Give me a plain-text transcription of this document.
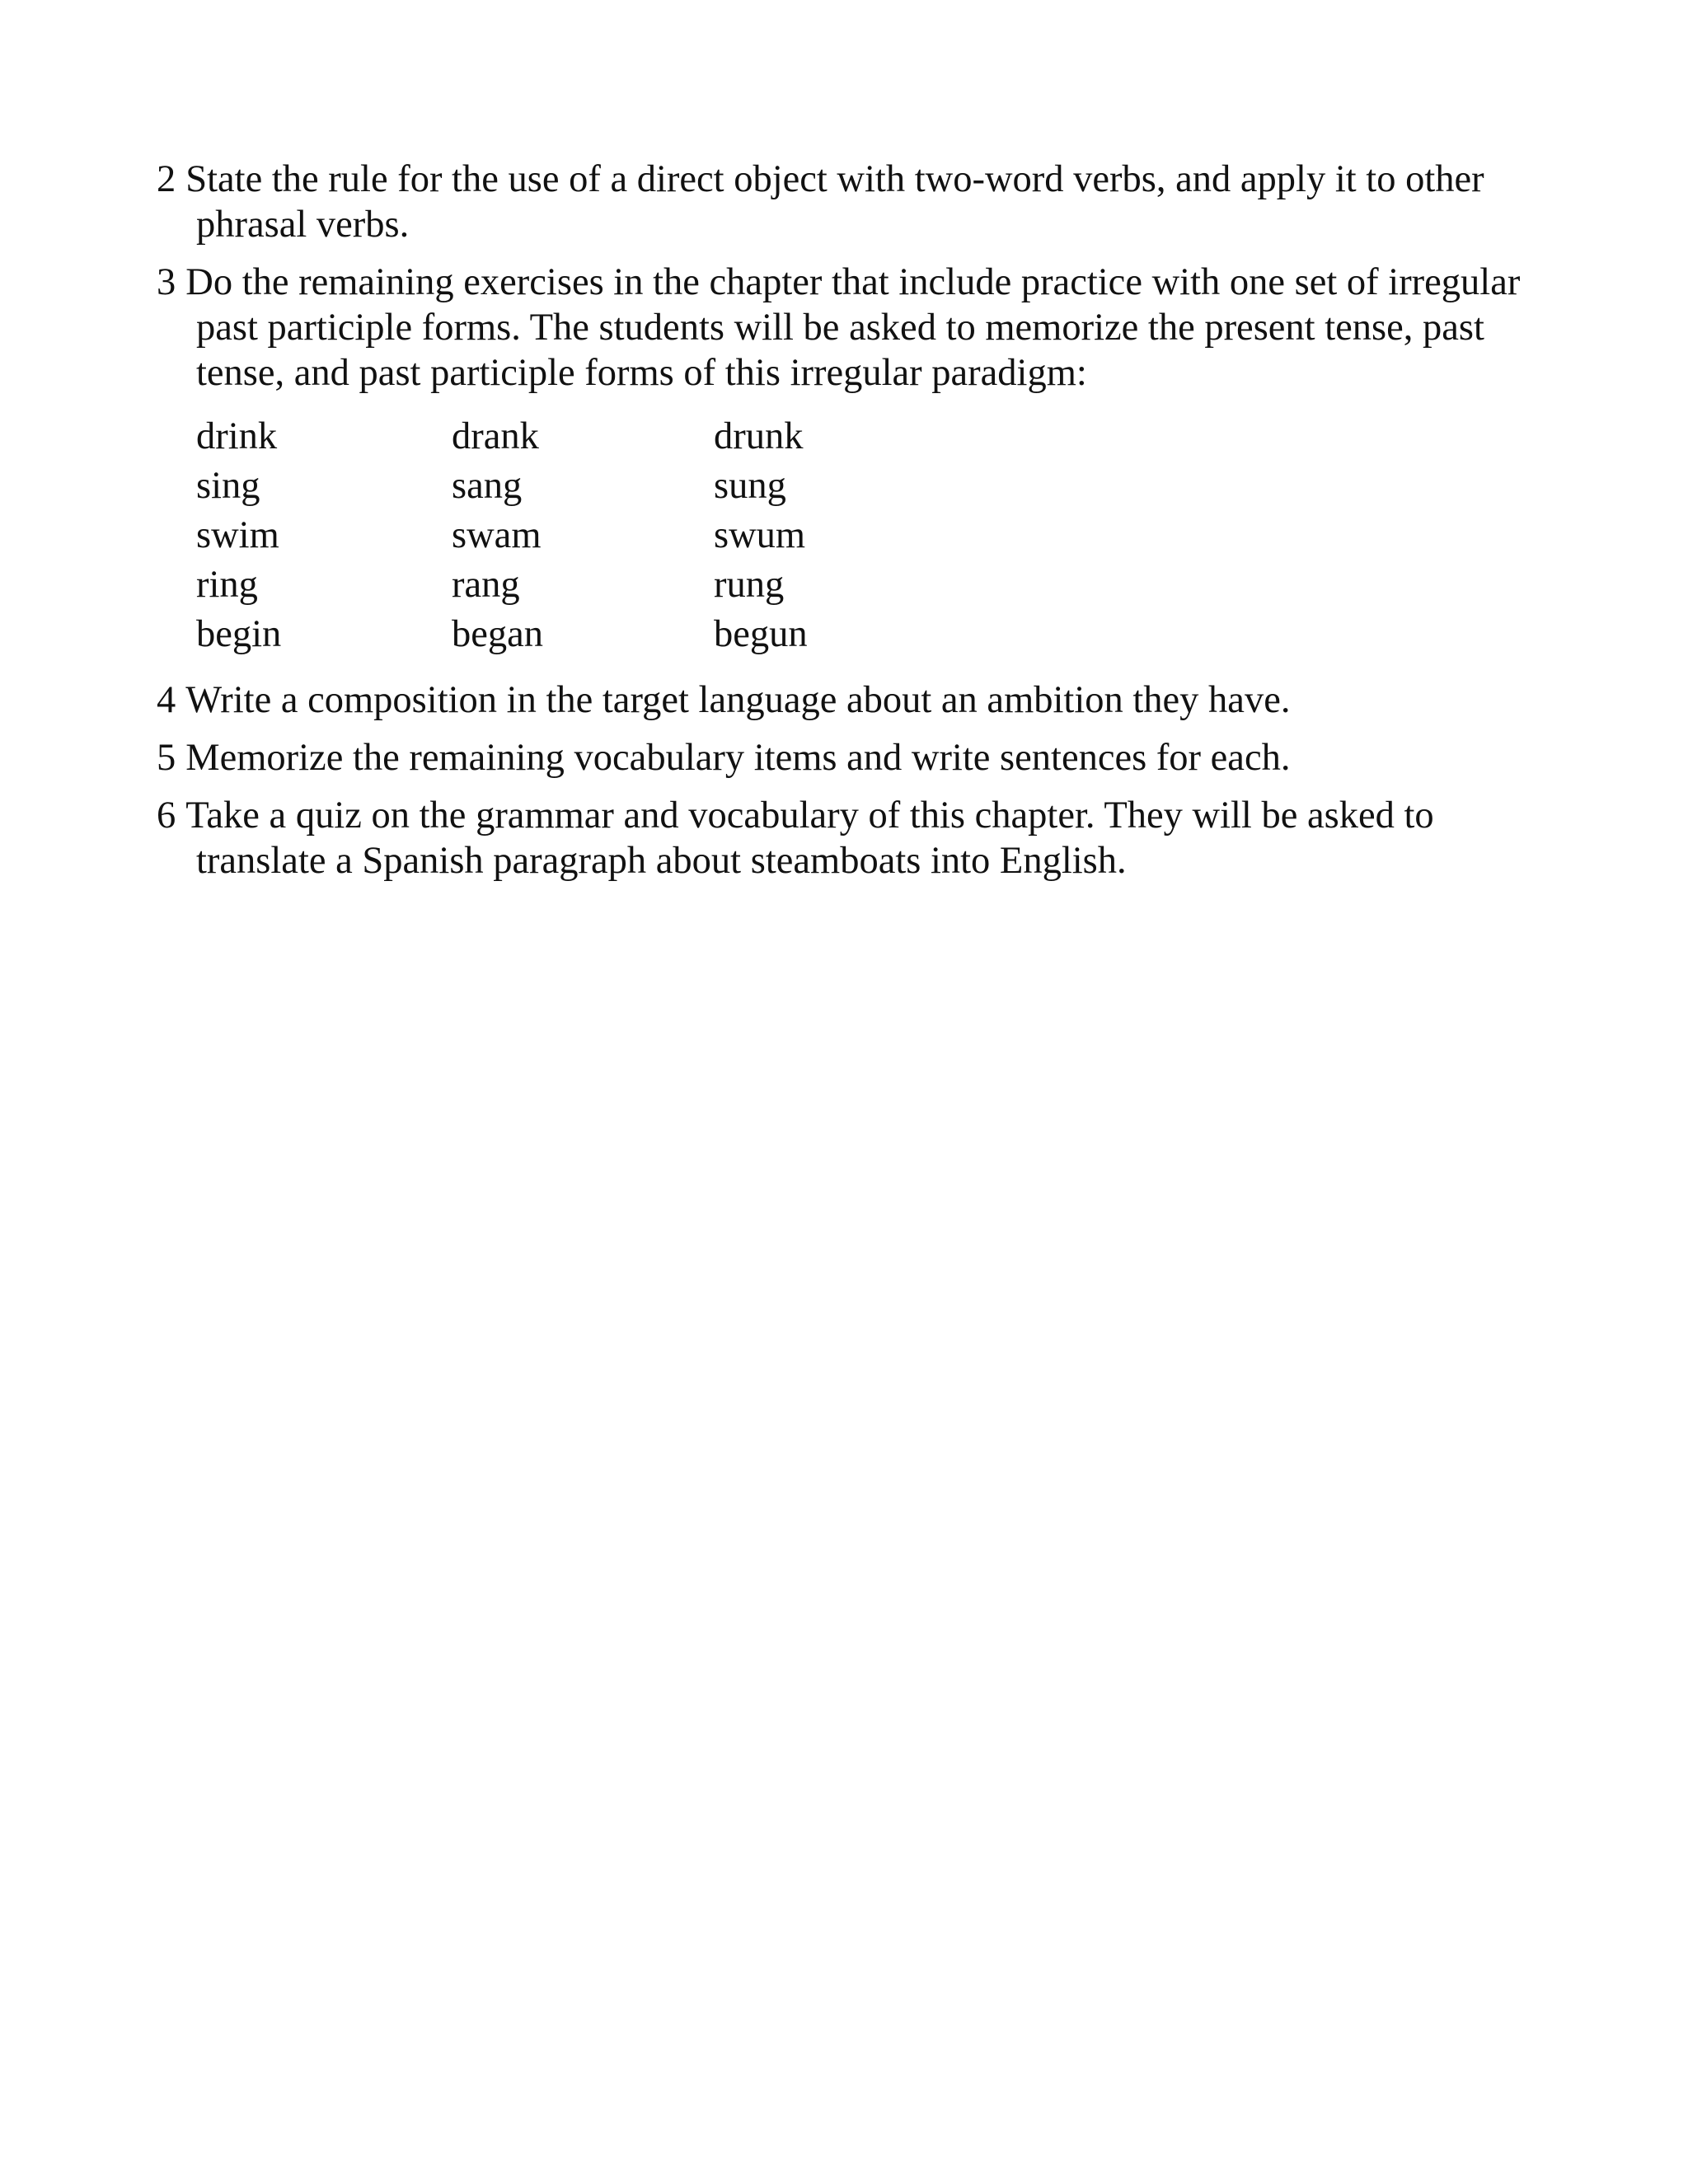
2 State the rule for the use of a direct object with two-word verbs, and apply it to other phrasal verbs.

3 Do the remaining exercises in the chapter that include practice with one set of irregular past participle forms. The students will be asked to memorize the present tense, past tense, and past participle forms of this irregular paradigm:

drink	drank	drunk
sing	sang	sung
swim	swam	swum
ring	rang	rung
begin	began	begun

4 Write a composition in the target language about an ambition they have.

5 Memorize the remaining vocabulary items and write sentences for each.

6 Take a quiz on the grammar and vocabulary of this chapter. They will be asked to translate a Spanish paragraph about steamboats into English.
